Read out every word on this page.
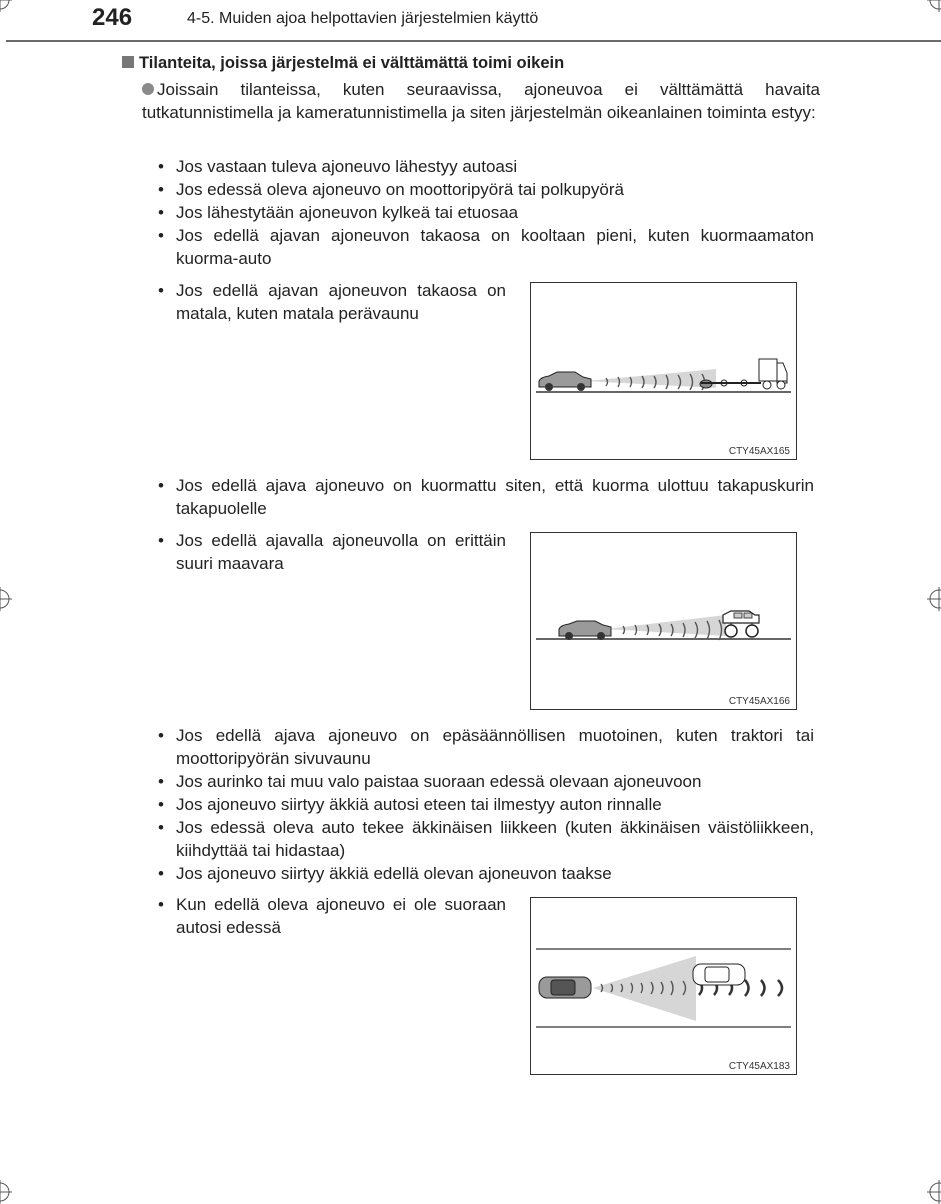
246	4-5. Muiden ajoa helpottavien järjestelmien käyttö
Tilanteita, joissa järjestelmä ei välttämättä toimi oikein
Joissain tilanteissa, kuten seuraavissa, ajoneuvoa ei välttämättä havaita tutkatunnistimella ja kameratunnistimella ja siten järjestelmän oikeanlainen toiminta estyy:
• Jos vastaan tuleva ajoneuvo lähestyy autoasi
• Jos edessä oleva ajoneuvo on moottoripyörä tai polkupyörä
• Jos lähestytään ajoneuvon kylkeä tai etuosaa
• Jos edellä ajavan ajoneuvon takaosa on kooltaan pieni, kuten kuormaamaton kuorma-auto
• Jos edellä ajavan ajoneuvon takaosa on matala, kuten matala perävaunu
CTY45AX165
• Jos edellä ajava ajoneuvo on kuormattu siten, että kuorma ulottuu takapuskurin takapuolelle
• Jos edellä ajavalla ajoneuvolla on erittäin suuri maavara
CTY45AX166
• Jos edellä ajava ajoneuvo on epäsäännöllisen muotoinen, kuten traktori tai moottoripyörän sivuvaunu
• Jos aurinko tai muu valo paistaa suoraan edessä olevaan ajoneuvoon
• Jos ajoneuvo siirtyy äkkiä autosi eteen tai ilmestyy auton rinnalle
• Jos edessä oleva auto tekee äkkinäisen liikkeen (kuten äkkinäisen väistöliikkeen, kiihdyttää tai hidastaa)
• Jos ajoneuvo siirtyy äkkiä edellä olevan ajoneuvon taakse
• Kun edellä oleva ajoneuvo ei ole suoraan autosi edessä
CTY45AX183
